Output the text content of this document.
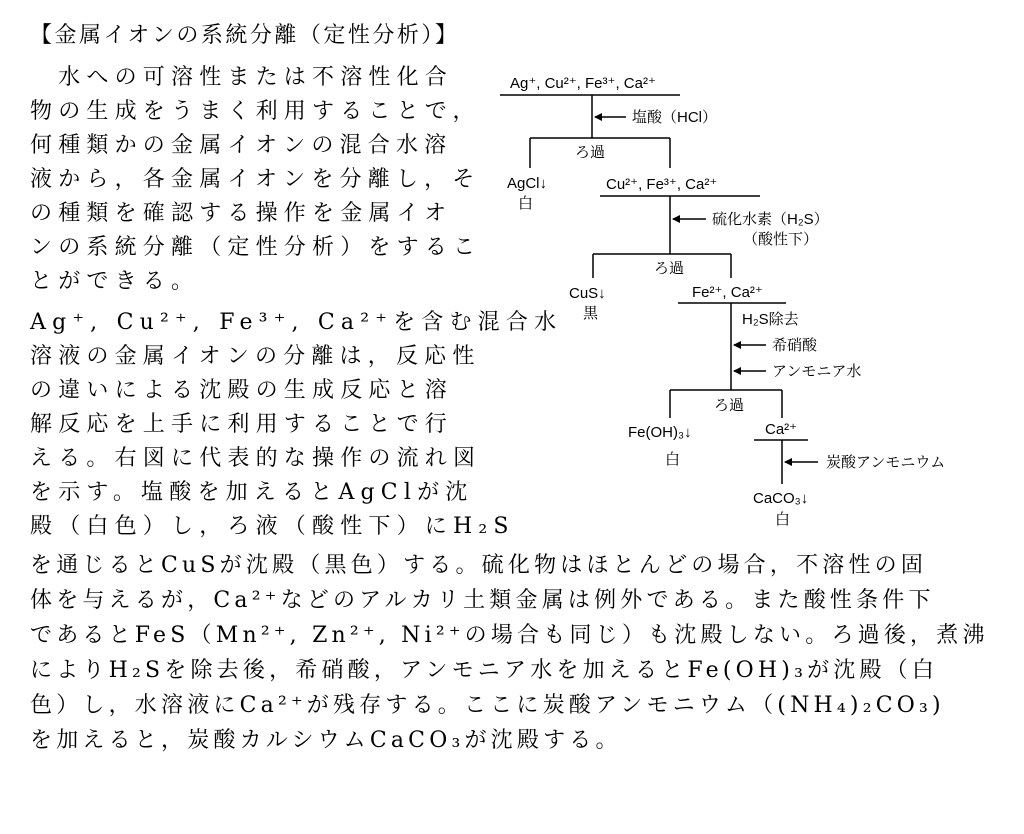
【金属イオンの系統分離（定性分析）】
　水への可溶性または不溶性化合
物の生成をうまく利用することで，
何種類かの金属イオンの混合水溶
液から，各金属イオンを分離し，そ
の種類を確認する操作を金属イオ
ンの系統分離（定性分析）をするこ
とができる。
Ag⁺, Cu²⁺, Fe³⁺, Ca²⁺を含む混合水
溶液の金属イオンの分離は，反応性
の違いによる沈殿の生成反応と溶
解反応を上手に利用することで行
える。右図に代表的な操作の流れ図
を示す。塩酸を加えるとAgClが沈
殿（白色）し，ろ液（酸性下）にH₂S
を通じるとCuSが沈殿（黒色）する。硫化物はほとんどの場合，不溶性の固
体を与えるが，Ca²⁺などのアルカリ土類金属は例外である。また酸性条件下
であるとFeS（Mn²⁺, Zn²⁺, Ni²⁺の場合も同じ）も沈殿しない。ろ過後，煮沸
によりH₂Sを除去後，希硝酸，アンモニア水を加えるとFe(OH)₃が沈殿（白
色）し，水溶液にCa²⁺が残存する。ここに炭酸アンモニウム（(NH₄)₂CO₃)
を加えると，炭酸カルシウムCaCO₃が沈殿する。
Ag⁺, Cu²⁺, Fe³⁺, Ca²⁺
塩酸（HCl）
ろ過
AgCl↓
白
Cu²⁺, Fe³⁺, Ca²⁺
硫化水素（H₂S）
（酸性下）
ろ過
CuS↓
黒
Fe²⁺, Ca²⁺
H₂S除去
希硝酸
アンモニア水
ろ過
Fe(OH)₃↓
白
Ca²⁺
炭酸アンモニウム
CaCO₃↓
白
